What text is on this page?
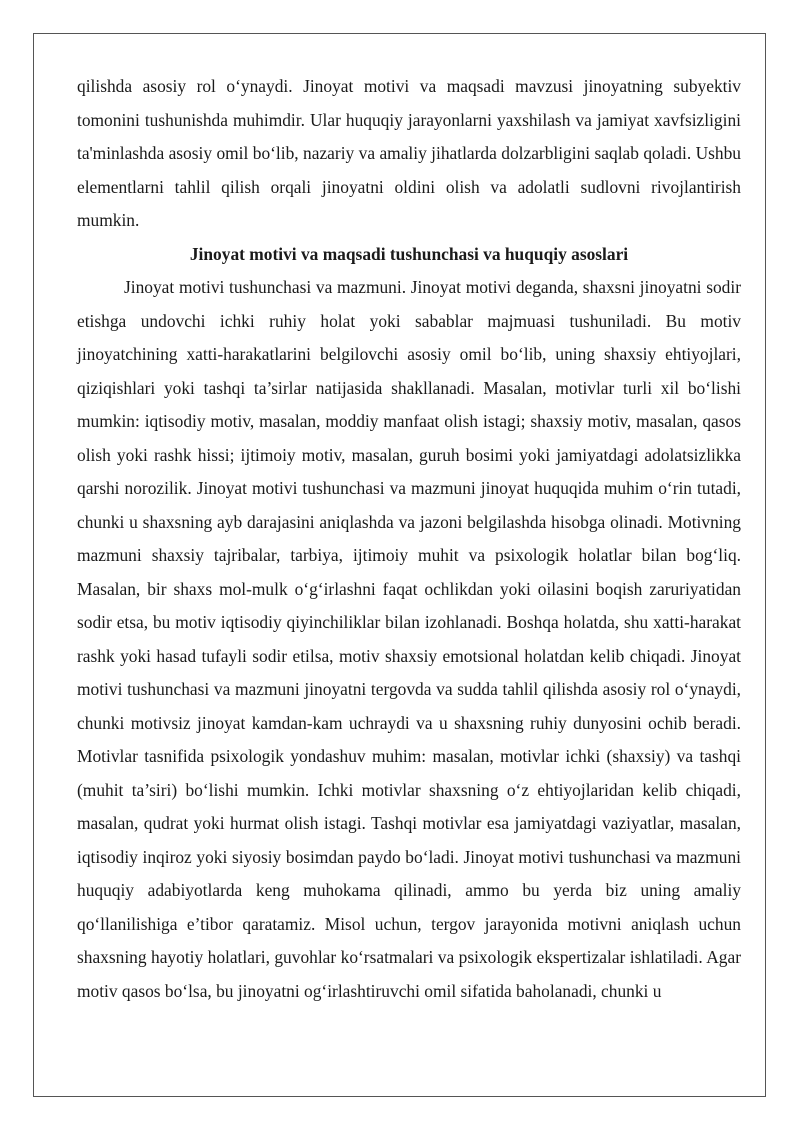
qilishda asosiy rol o‘ynaydi. Jinoyat motivi va maqsadi mavzusi jinoyatning subyektiv tomonini tushunishda muhimdir. Ular huquqiy jarayonlarni yaxshilash va jamiyat xavfsizligini ta'minlashda asosiy omil bo‘lib, nazariy va amaliy jihatlarda dolzarbligini saqlab qoladi. Ushbu elementlarni tahlil qilish orqali jinoyatni oldini olish va adolatli sudlovni rivojlantirish mumkin.

Jinoyat motivi va maqsadi tushunchasi va huquqiy asoslari

Jinoyat motivi tushunchasi va mazmuni. Jinoyat motivi deganda, shaxsni jinoyatni sodir etishga undovchi ichki ruhiy holat yoki sabablar majmuasi tushuniladi. Bu motiv jinoyatchining xatti-harakatlarini belgilovchi asosiy omil bo‘lib, uning shaxsiy ehtiyojlari, qiziqishlari yoki tashqi ta’sirlar natijasida shakllanadi. Masalan, motivlar turli xil bo‘lishi mumkin: iqtisodiy motiv, masalan, moddiy manfaat olish istagi; shaxsiy motiv, masalan, qasos olish yoki rashk hissi; ijtimoiy motiv, masalan, guruh bosimi yoki jamiyatdagi adolatsizlikka qarshi norozilik. Jinoyat motivi tushunchasi va mazmuni jinoyat huquqida muhim o‘rin tutadi, chunki u shaxsning ayb darajasini aniqlashda va jazoni belgilashda hisobga olinadi. Motivning mazmuni shaxsiy tajribalar, tarbiya, ijtimoiy muhit va psixologik holatlar bilan bog‘liq. Masalan, bir shaxs mol-mulk o‘g‘irlashni faqat ochlikdan yoki oilasini boqish zaruriyatidan sodir etsa, bu motiv iqtisodiy qiyinchiliklar bilan izohlanadi. Boshqa holatda, shu xatti-harakat rashk yoki hasad tufayli sodir etilsa, motiv shaxsiy emotsional holatdan kelib chiqadi. Jinoyat motivi tushunchasi va mazmuni jinoyatni tergovda va sudda tahlil qilishda asosiy rol o‘ynaydi, chunki motivsiz jinoyat kamdan-kam uchraydi va u shaxsning ruhiy dunyosini ochib beradi. Motivlar tasnifida psixologik yondashuv muhim: masalan, motivlar ichki (shaxsiy) va tashqi (muhit ta’siri) bo‘lishi mumkin. Ichki motivlar shaxsning o‘z ehtiyojlaridan kelib chiqadi, masalan, qudrat yoki hurmat olish istagi. Tashqi motivlar esa jamiyatdagi vaziyatlar, masalan, iqtisodiy inqiroz yoki siyosiy bosimdan paydo bo‘ladi. Jinoyat motivi tushunchasi va mazmuni huquqiy adabiyotlarda keng muhokama qilinadi, ammo bu yerda biz uning amaliy qo‘llanilishiga e’tibor qaratamiz. Misol uchun, tergov jarayonida motivni aniqlash uchun shaxsning hayotiy holatlari, guvohlar ko‘rsatmalari va psixologik ekspertizalar ishlatiladi. Agar motiv qasos bo‘lsa, bu jinoyatni og‘irlashtiruvchi omil sifatida baholanadi, chunki u
